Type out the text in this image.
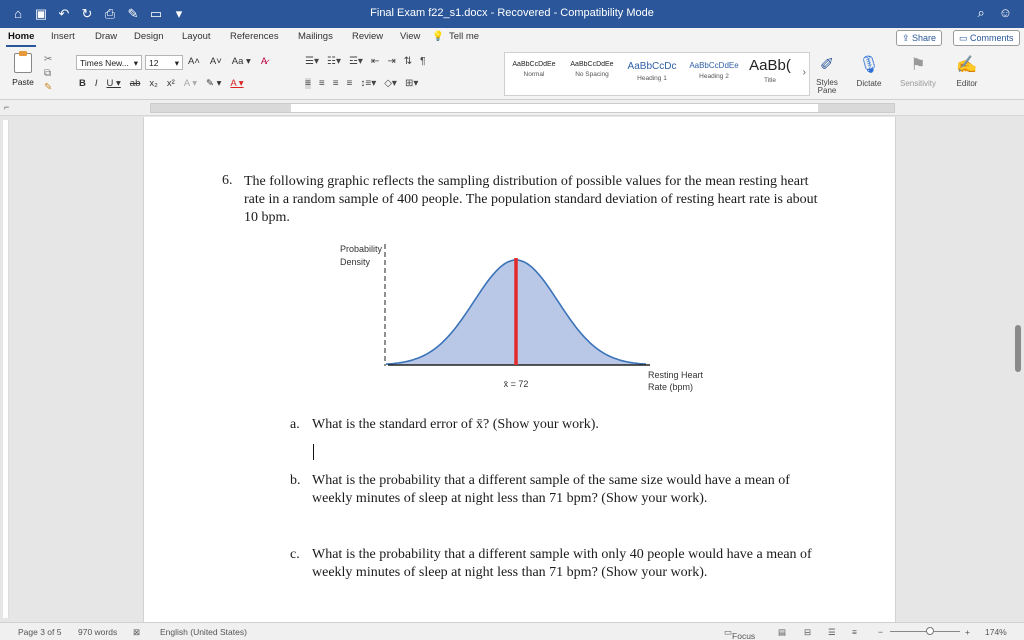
⌂ ▣ ↶ ↻ ⎙ ✎ ▭	▾	Final Exam f22_s1.docx - Recovered - Compatibility Mode	⌕ ☺
Home Insert Draw Design Layout References Mailings Review View 💡 Tell me	⇪ Share	▭ Comments
Paste
✂
⧉
✎
Times New... ▾	12 ▾ A˄ A˅ Aa ▾ A̷
B I U ▾ ab x₂ x² A ▾ ✎ ▾ A ▾
☰▾ ☷▾ ☲▾ ⇤ ⇥ ⇅ ¶
≡ ≡ ≡ ≡ ↕≡▾ ◇▾ ⊞▾
AaBbCcDdEe
Normal
AaBbCcDdEe
No Spacing
AaBbCcDc
Heading 1
AaBbCcDdEe
Heading 2
AaBb(
Title
› ✐
Styles
Pane
🎙
Dictate
⚑
Sensitivity
✍
Editor
⌐
6. The following graphic reflects the sampling distribution of possible values for the mean resting heart rate in a random sample of 400 people. The population standard deviation of resting heart rate is about 10 bpm.
Probability
Density
x̄ = 72
Resting Heart
Rate (bpm)
a. What is the standard error of x̄? (Show your work).
b. What is the probability that a different sample of the same size would have a mean of weekly minutes of sleep at night less than 71 bpm? (Show your work).
c. What is the probability that a different sample with only 40 people would have a mean of weekly minutes of sleep at night less than 71 bpm? (Show your work).
Page 3 of 5 970 words ⊠ English (United States)	▭ Focus	▤ ⊟ ☰ ≡ −	+ 174%
